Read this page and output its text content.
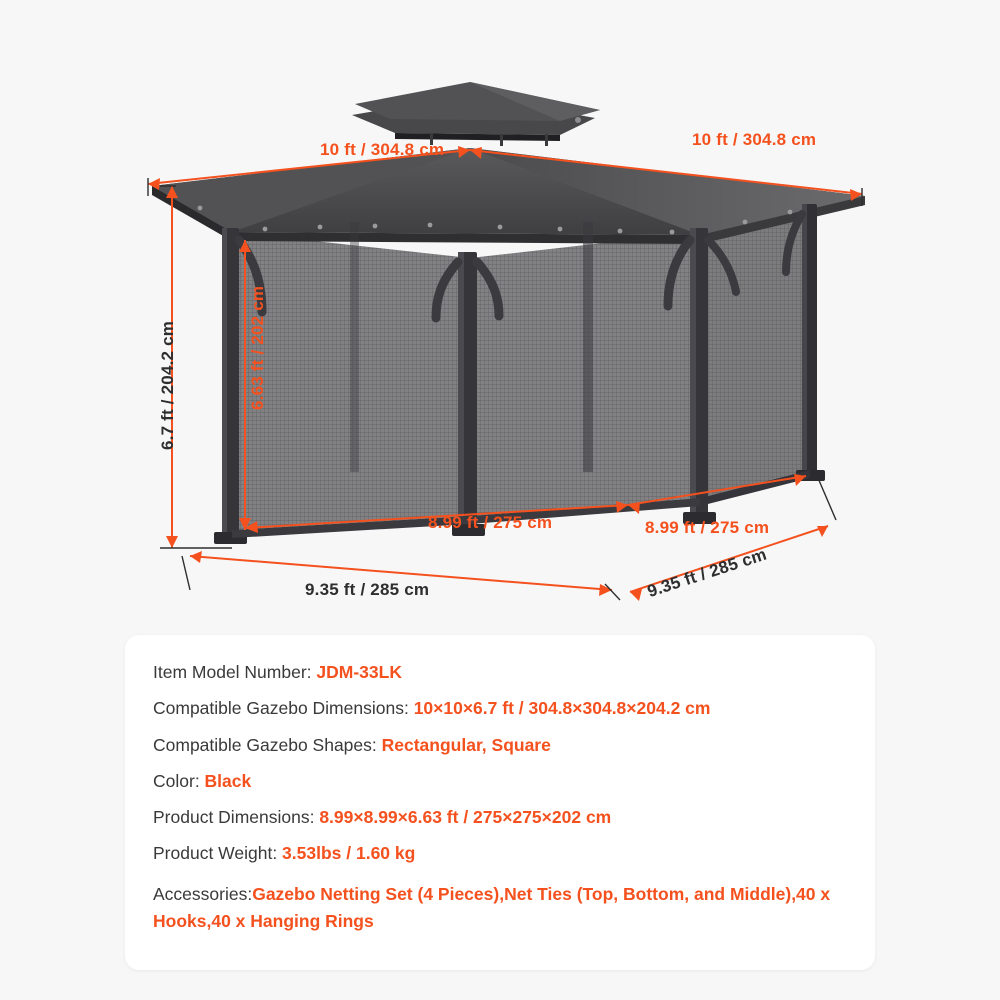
10 ft / 304.8 cm
10 ft / 304.8 cm
6.7 ft / 204.2 cm	6.63 ft / 202 cm
8.99 ft / 275 cm	8.99 ft / 275 cm
9.35 ft / 285 cm	9.35 ft / 285 cm
Item Model Number: JDM-33LK
Compatible Gazebo Dimensions: 10×10×6.7 ft / 304.8×304.8×204.2 cm
Compatible Gazebo Shapes: Rectangular, Square
Color: Black
Product Dimensions: 8.99×8.99×6.63 ft / 275×275×202 cm
Product Weight: 3.53lbs / 1.60 kg
Accessories:Gazebo Netting Set (4 Pieces),Net Ties (Top, Bottom, and Middle),40 x Hooks,40 x Hanging Rings
